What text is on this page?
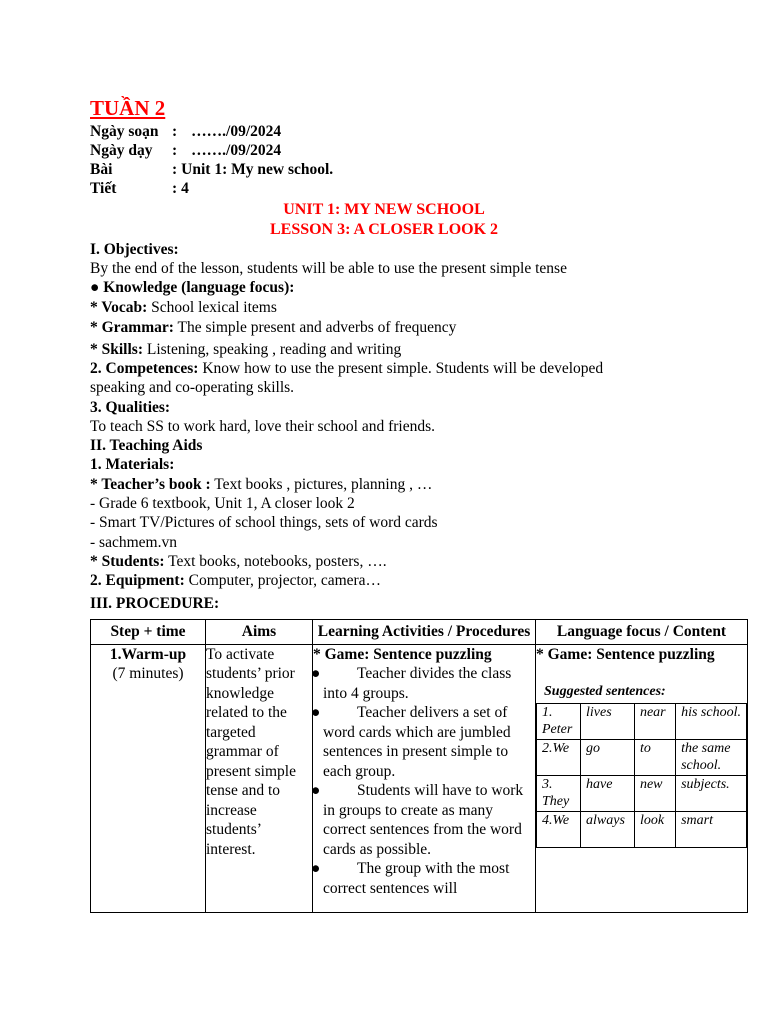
TUẦN 2
Ngày soạn : ……./09/2024
Ngày dạy : ……./09/2024
Bài	: Unit 1: My new school.
Tiết	: 4
UNIT 1: MY NEW SCHOOL
LESSON 3: A CLOSER LOOK 2
I. Objectives:
By the end of the lesson, students will be able to use the present simple tense
● Knowledge (language focus):
* Vocab: School lexical items
* Grammar: The simple present and adverbs of frequency
* Skills: Listening, speaking , reading and writing
2. Competences: Know how to use the present simple. Students will be developed
speaking and co-operating skills.
3. Qualities:
To teach SS to work hard, love their school and friends.
II. Teaching Aids
1. Materials:
* Teacher’s book : Text books , pictures, planning , …
- Grade 6 textbook, Unit 1, A closer look 2
- Smart TV/Pictures of school things, sets of word cards
- sachmem.vn
* Students: Text books, notebooks, posters, ….
2. Equipment: Computer, projector, camera…
III. PROCEDURE:
Step + time	Aims	Learning Activities / Procedures	Language focus / Content

1.Warm-up
(7 minutes)
	To activate students’ prior knowledge related to the targeted grammar of present simple tense and to increase students’ interest.	
* Game: Sentence puzzling
●	Teacher divides the class into 4 groups.
●	Teacher delivers a set of word cards which are jumbled sentences in present simple to each group.
●	Students will have to work in groups to create as many correct sentences from the word cards as possible.
●	The group with the most correct sentences will

* Game: Sentence puzzling
Suggested sentences:
1. Peter	lives	near	his school.
2.We	go	to	the same school.
3. They	have	new	subjects.
4.We	always	look	smart
